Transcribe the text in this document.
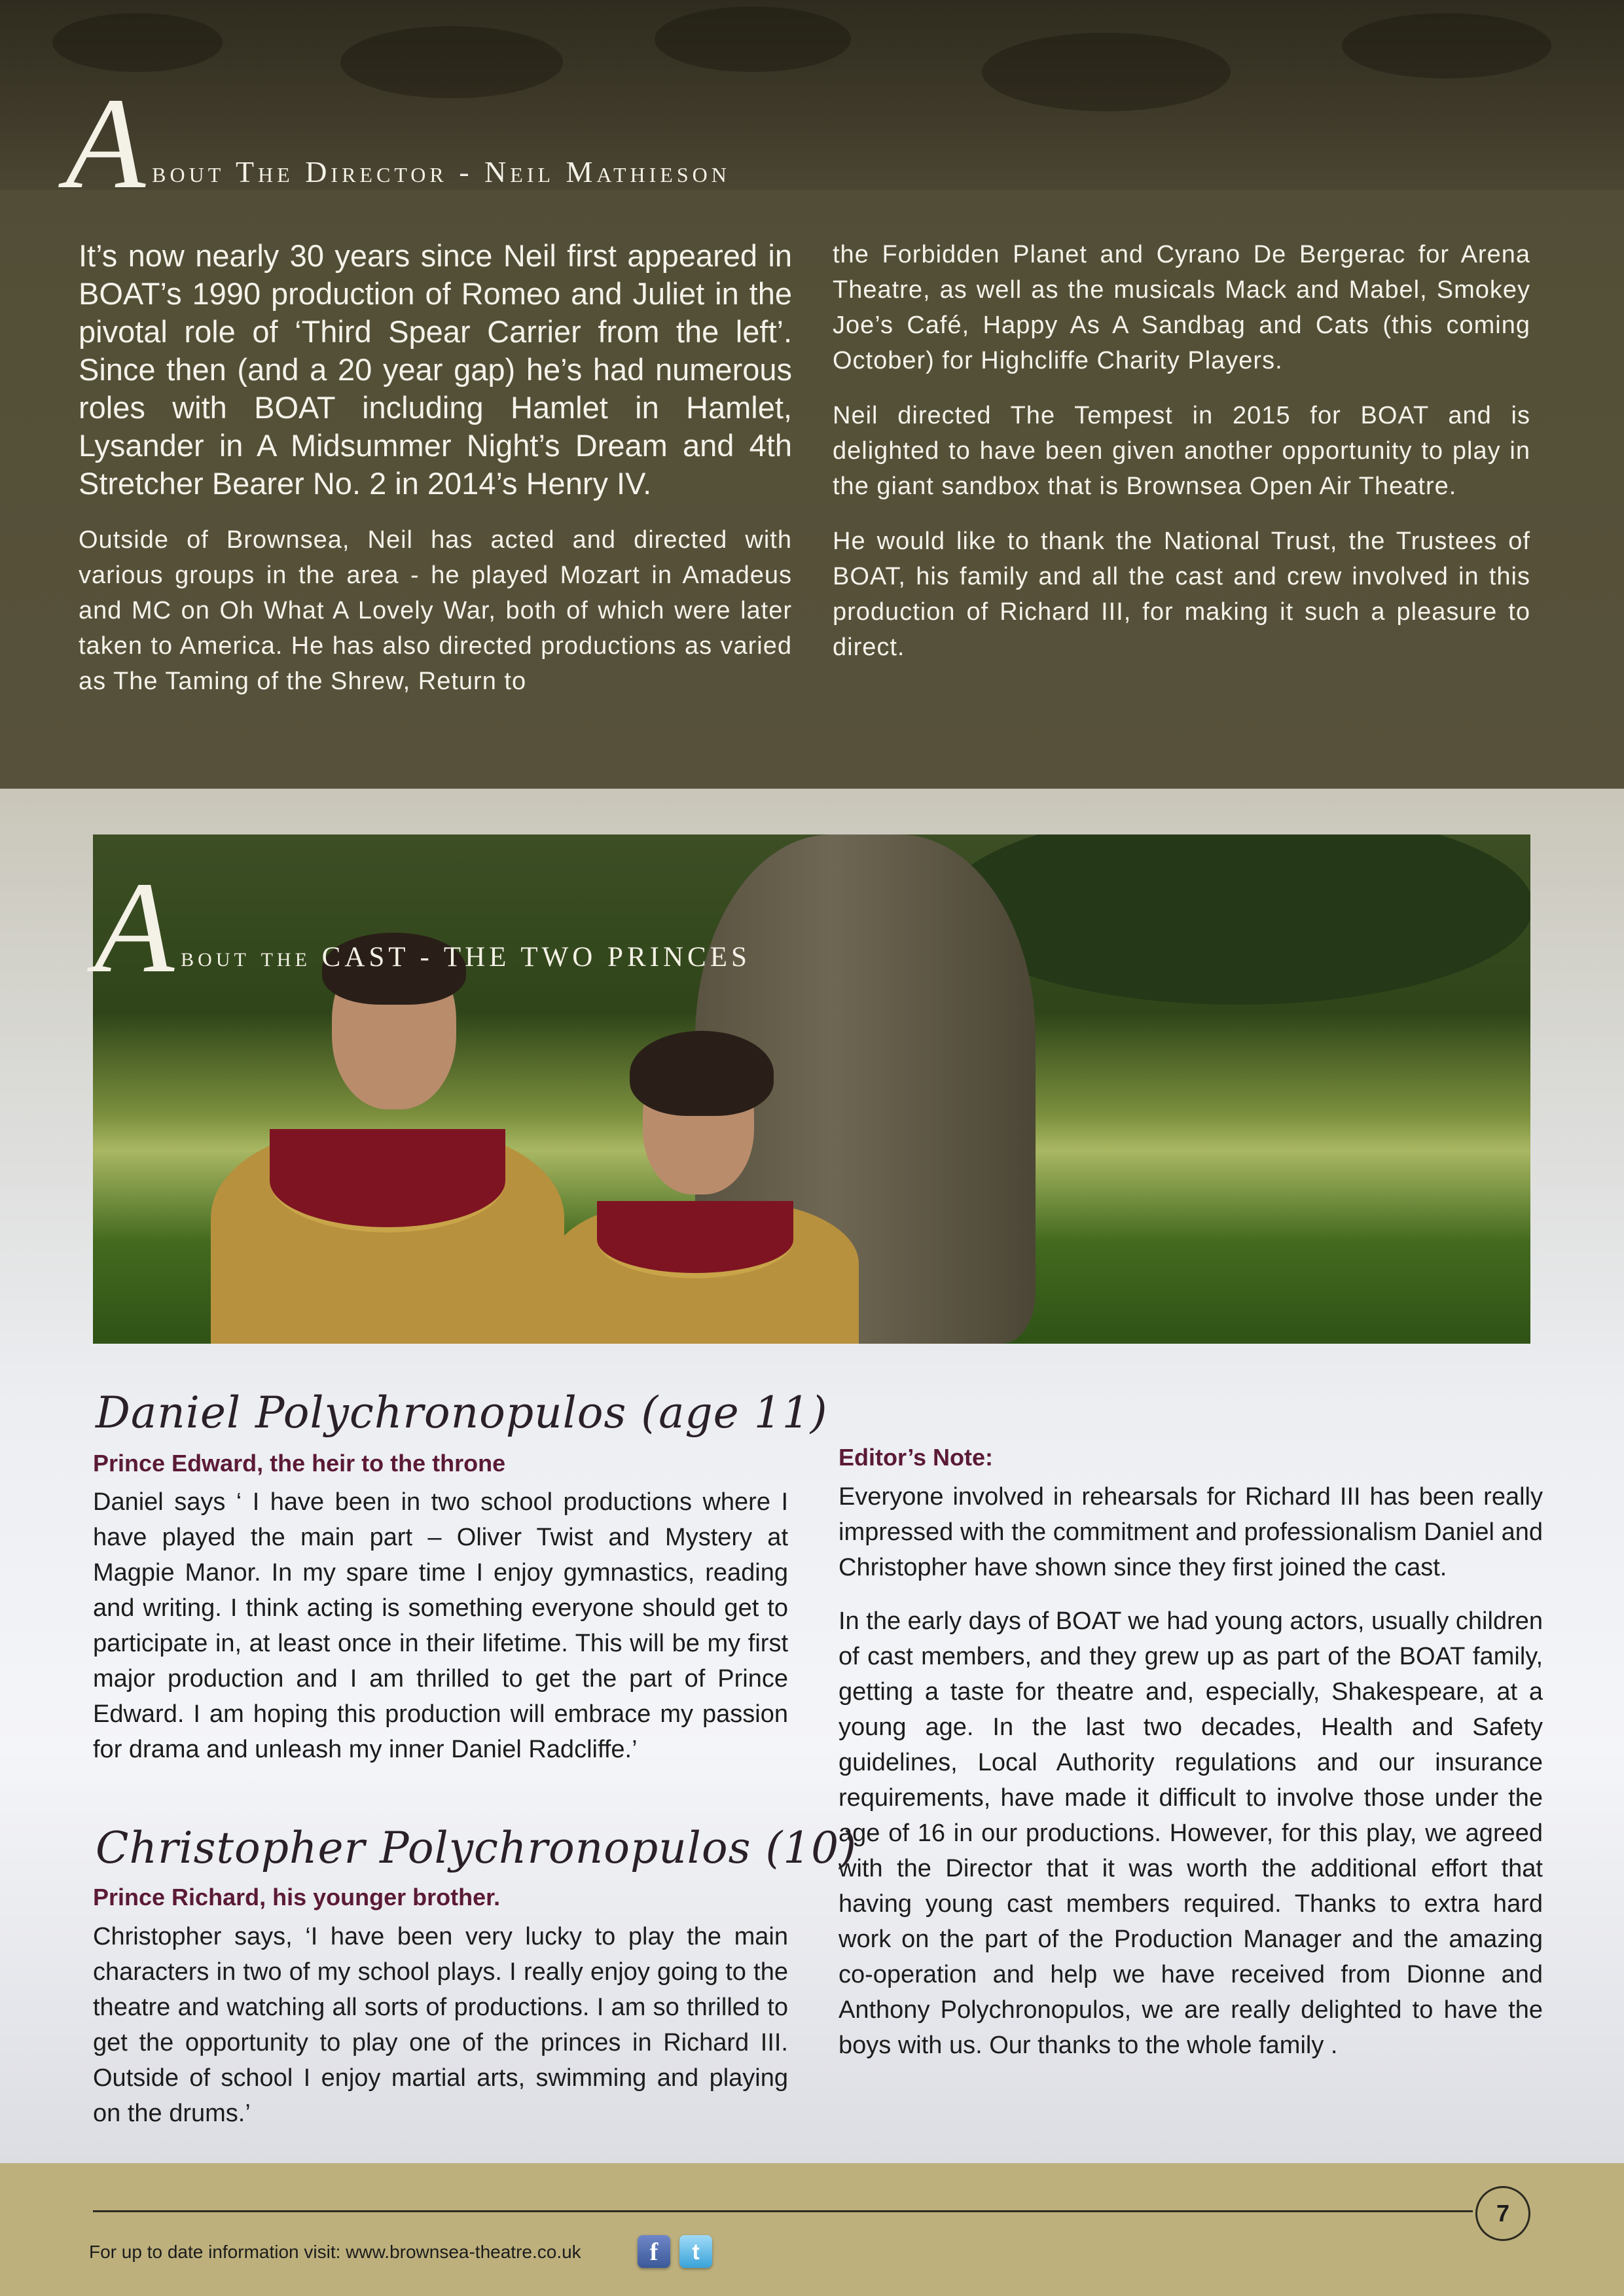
About The Director - Neil Mathieson

It’s now nearly 30 years since Neil first appeared in BOAT’s 1990 production of Romeo and Juliet in the pivotal role of ‘Third Spear Carrier from the left’. Since then (and a 20 year gap) he’s had numerous roles with BOAT including Hamlet in Hamlet, Lysander in A Midsummer Night’s Dream and 4th Stretcher Bearer No. 2 in 2014’s Henry IV.

Outside of Brownsea, Neil has acted and directed with various groups in the area - he played Mozart in Amadeus and MC on Oh What A Lovely War, both of which were later taken to America. He has also directed productions as varied as The Taming of the Shrew, Return to

the Forbidden Planet and Cyrano De Bergerac for Arena Theatre, as well as the musicals Mack and Mabel, Smokey Joe’s Café, Happy As A Sandbag and Cats (this coming October) for Highcliffe Charity Players.

Neil directed The Tempest in 2015 for BOAT and is delighted to have been given another opportunity to play in the giant sandbox that is Brownsea Open Air Theatre.

He would like to thank the National Trust, the Trustees of BOAT, his family and all the cast and crew involved in this production of Richard III, for making it such a pleasure to direct.

About the CAST - THE TWO PRINCES
Daniel Polychronopulos (age 11)
Prince Edward, the heir to the throne

Daniel says ‘ I have been in two school productions where I have played the main part – Oliver Twist and Mystery at Magpie Manor. In my spare time I enjoy gymnastics, reading and writing. I think acting is something everyone should get to participate in, at least once in their lifetime. This will be my first major production and I am thrilled to get the part of Prince Edward. I am hoping this production will embrace my passion for drama and unleash my inner Daniel Radcliffe.’

Christopher Polychronopulos (10)
Prince Richard, his younger brother.

Christopher says, ‘I have been very lucky to play the main characters in two of my school plays. I really enjoy going to the theatre and watching all sorts of productions. I am so thrilled to get the opportunity to play one of the princes in Richard III. Outside of school I enjoy martial arts, swimming and playing on the drums.’

Editor’s Note:

Everyone involved in rehearsals for Richard III has been really impressed with the commitment and professionalism Daniel and Christopher have shown since they first joined the cast.

In the early days of BOAT we had young actors, usually children of cast members, and they grew up as part of the BOAT family, getting a taste for theatre and, especially, Shakespeare, at a young age. In the last two decades, Health and Safety guidelines, Local Authority regulations and our insurance requirements, have made it difficult to involve those under the age of 16 in our productions. However, for this play, we agreed with the Director that it was worth the additional effort that having young cast members required. Thanks to extra hard work on the part of the Production Manager and the amazing co-operation and help we have received from Dionne and Anthony Polychronopulos, we are really delighted to have the boys with us. Our thanks to the whole family .

7
For up to date information visit: www.brownsea-theatre.co.uk	f	t
